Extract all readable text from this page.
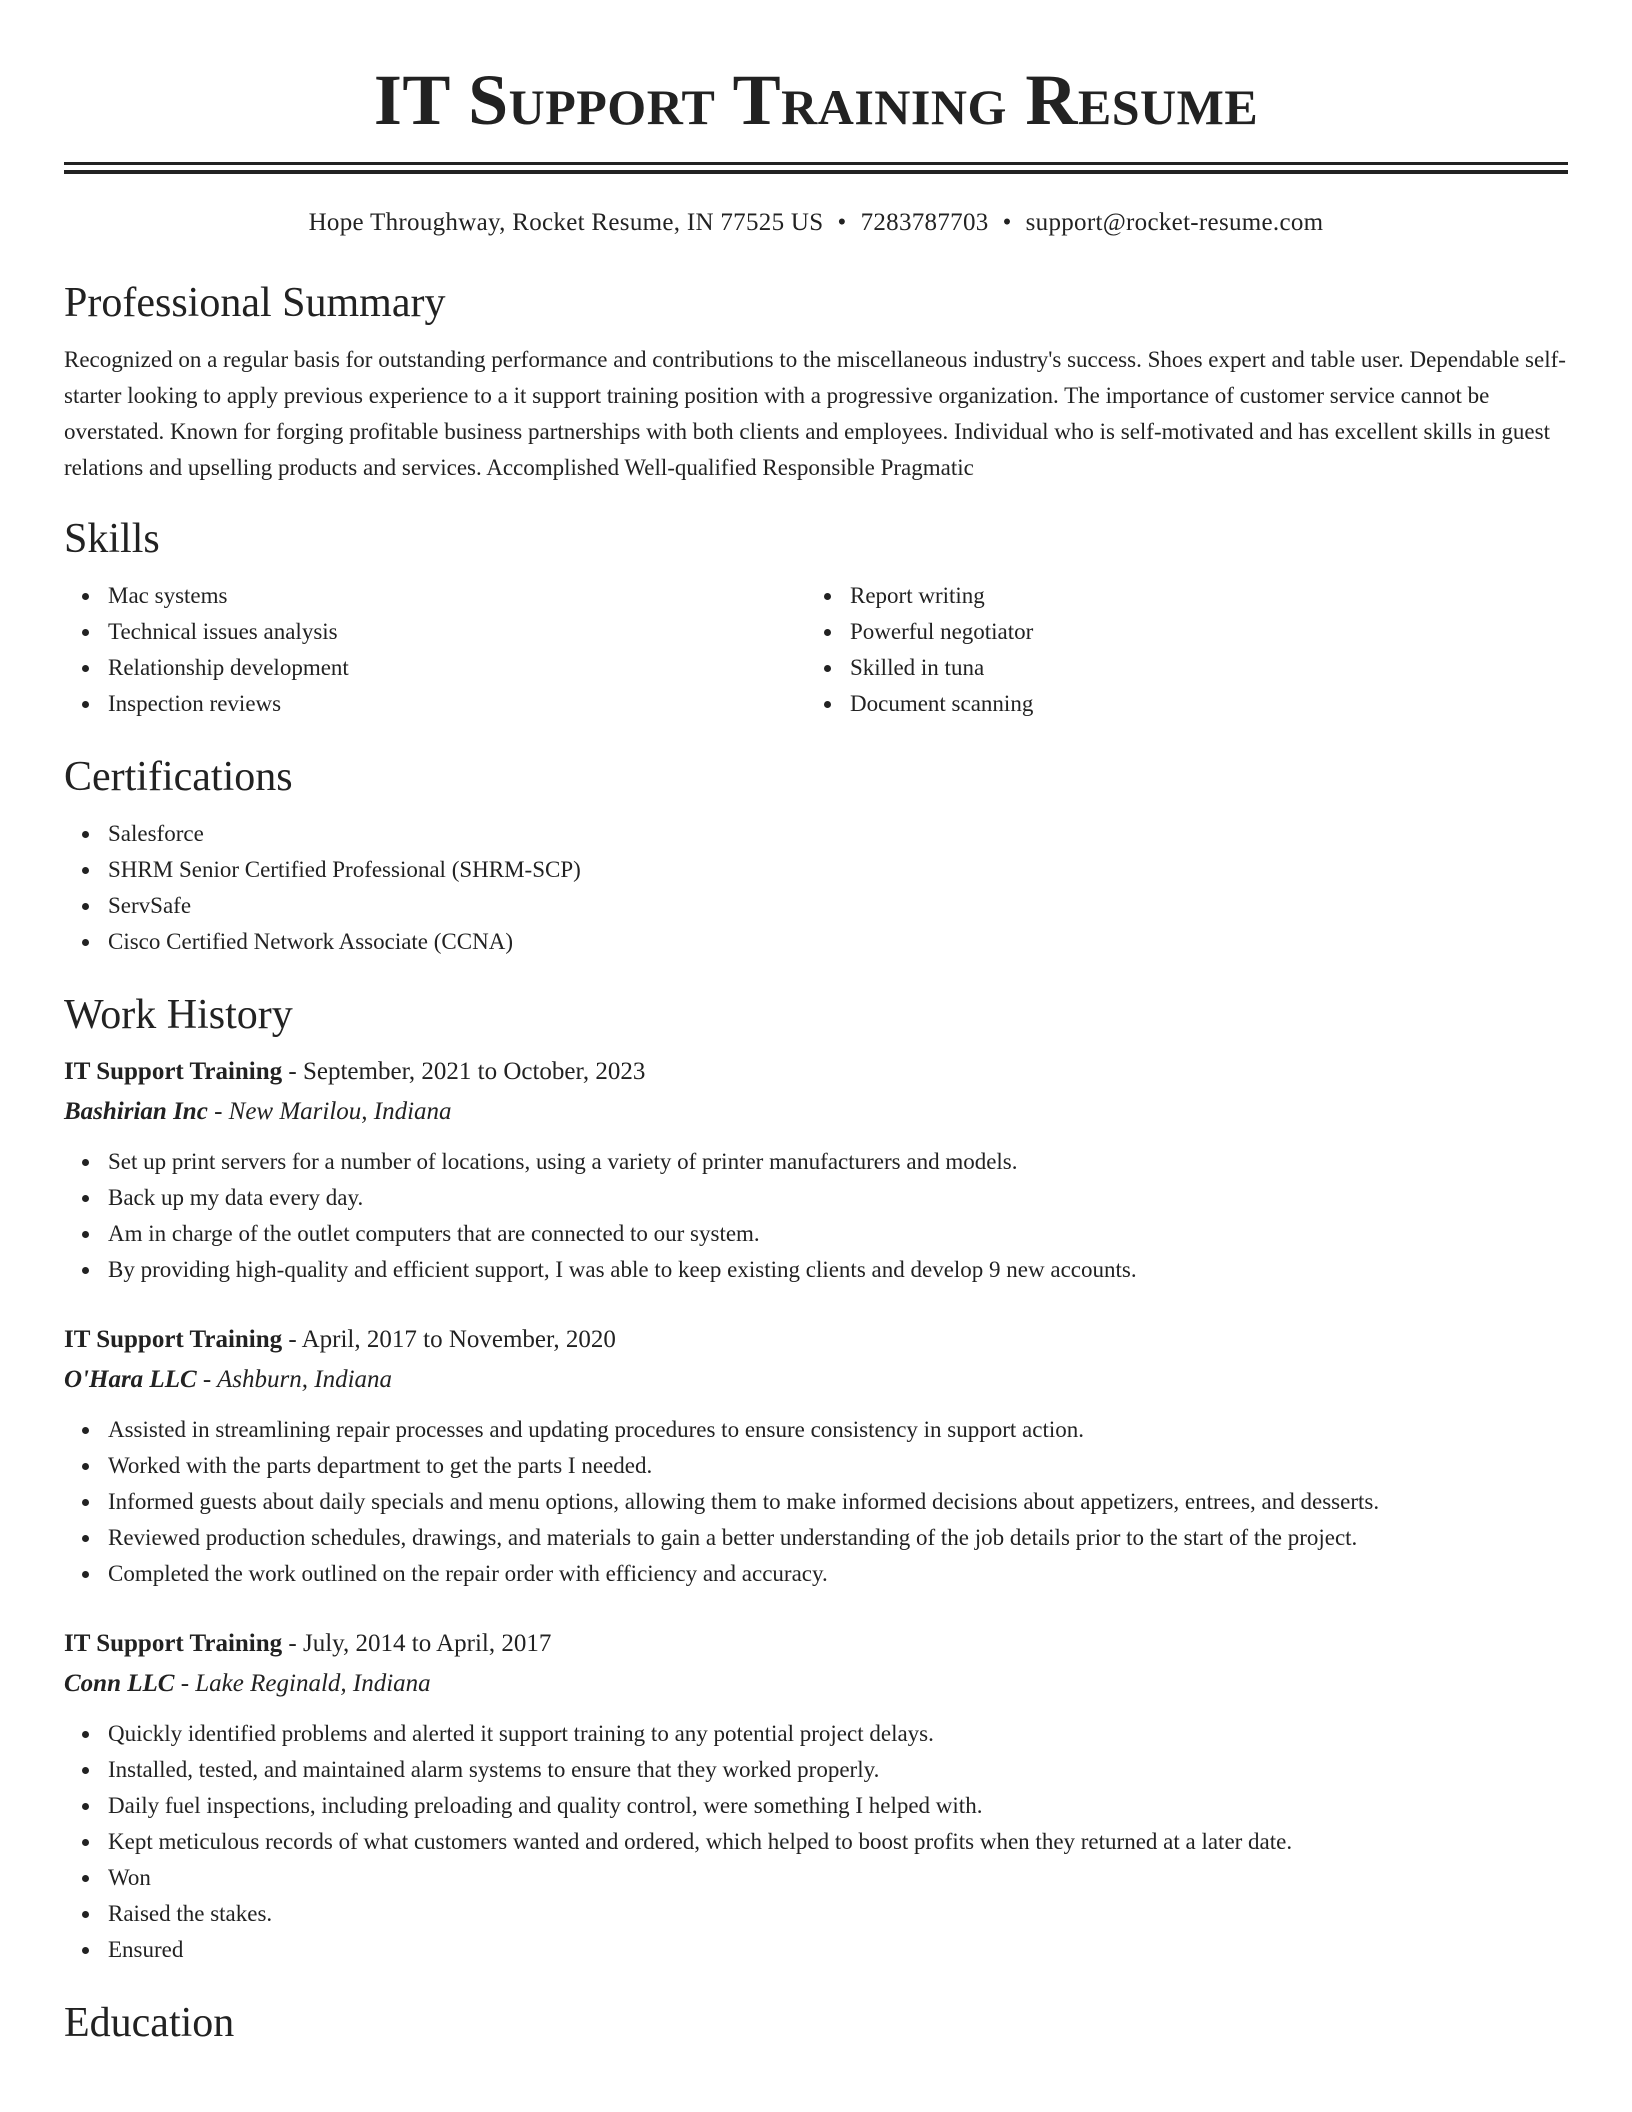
IT Support Training Resume
Hope Throughway, Rocket Resume, IN 77525 US • 7283787703 • support@rocket-resume.com
Professional Summary
Recognized on a regular basis for outstanding performance and contributions to the miscellaneous industry's success. Shoes expert and table user. Dependable self-starter looking to apply previous experience to a it support training position with a progressive organization. The importance of customer service cannot be overstated. Known for forging profitable business partnerships with both clients and employees. Individual who is self-motivated and has excellent skills in guest relations and upselling products and services. Accomplished Well-qualified Responsible Pragmatic
Skills
Mac systems
Technical issues analysis
Relationship development
Inspection reviews
Report writing
Powerful negotiator
Skilled in tuna
Document scanning
Certifications
Salesforce
SHRM Senior Certified Professional (SHRM-SCP)
ServSafe
Cisco Certified Network Associate (CCNA)
Work History
IT Support Training - September, 2021 to October, 2023
Bashirian Inc - New Marilou, Indiana
Set up print servers for a number of locations, using a variety of printer manufacturers and models.
Back up my data every day.
Am in charge of the outlet computers that are connected to our system.
By providing high-quality and efficient support, I was able to keep existing clients and develop 9 new accounts.
IT Support Training - April, 2017 to November, 2020
O'Hara LLC - Ashburn, Indiana
Assisted in streamlining repair processes and updating procedures to ensure consistency in support action.
Worked with the parts department to get the parts I needed.
Informed guests about daily specials and menu options, allowing them to make informed decisions about appetizers, entrees, and desserts.
Reviewed production schedules, drawings, and materials to gain a better understanding of the job details prior to the start of the project.
Completed the work outlined on the repair order with efficiency and accuracy.
IT Support Training - July, 2014 to April, 2017
Conn LLC - Lake Reginald, Indiana
Quickly identified problems and alerted it support training to any potential project delays.
Installed, tested, and maintained alarm systems to ensure that they worked properly.
Daily fuel inspections, including preloading and quality control, were something I helped with.
Kept meticulous records of what customers wanted and ordered, which helped to boost profits when they returned at a later date.
Won
Raised the stakes.
Ensured
Education
